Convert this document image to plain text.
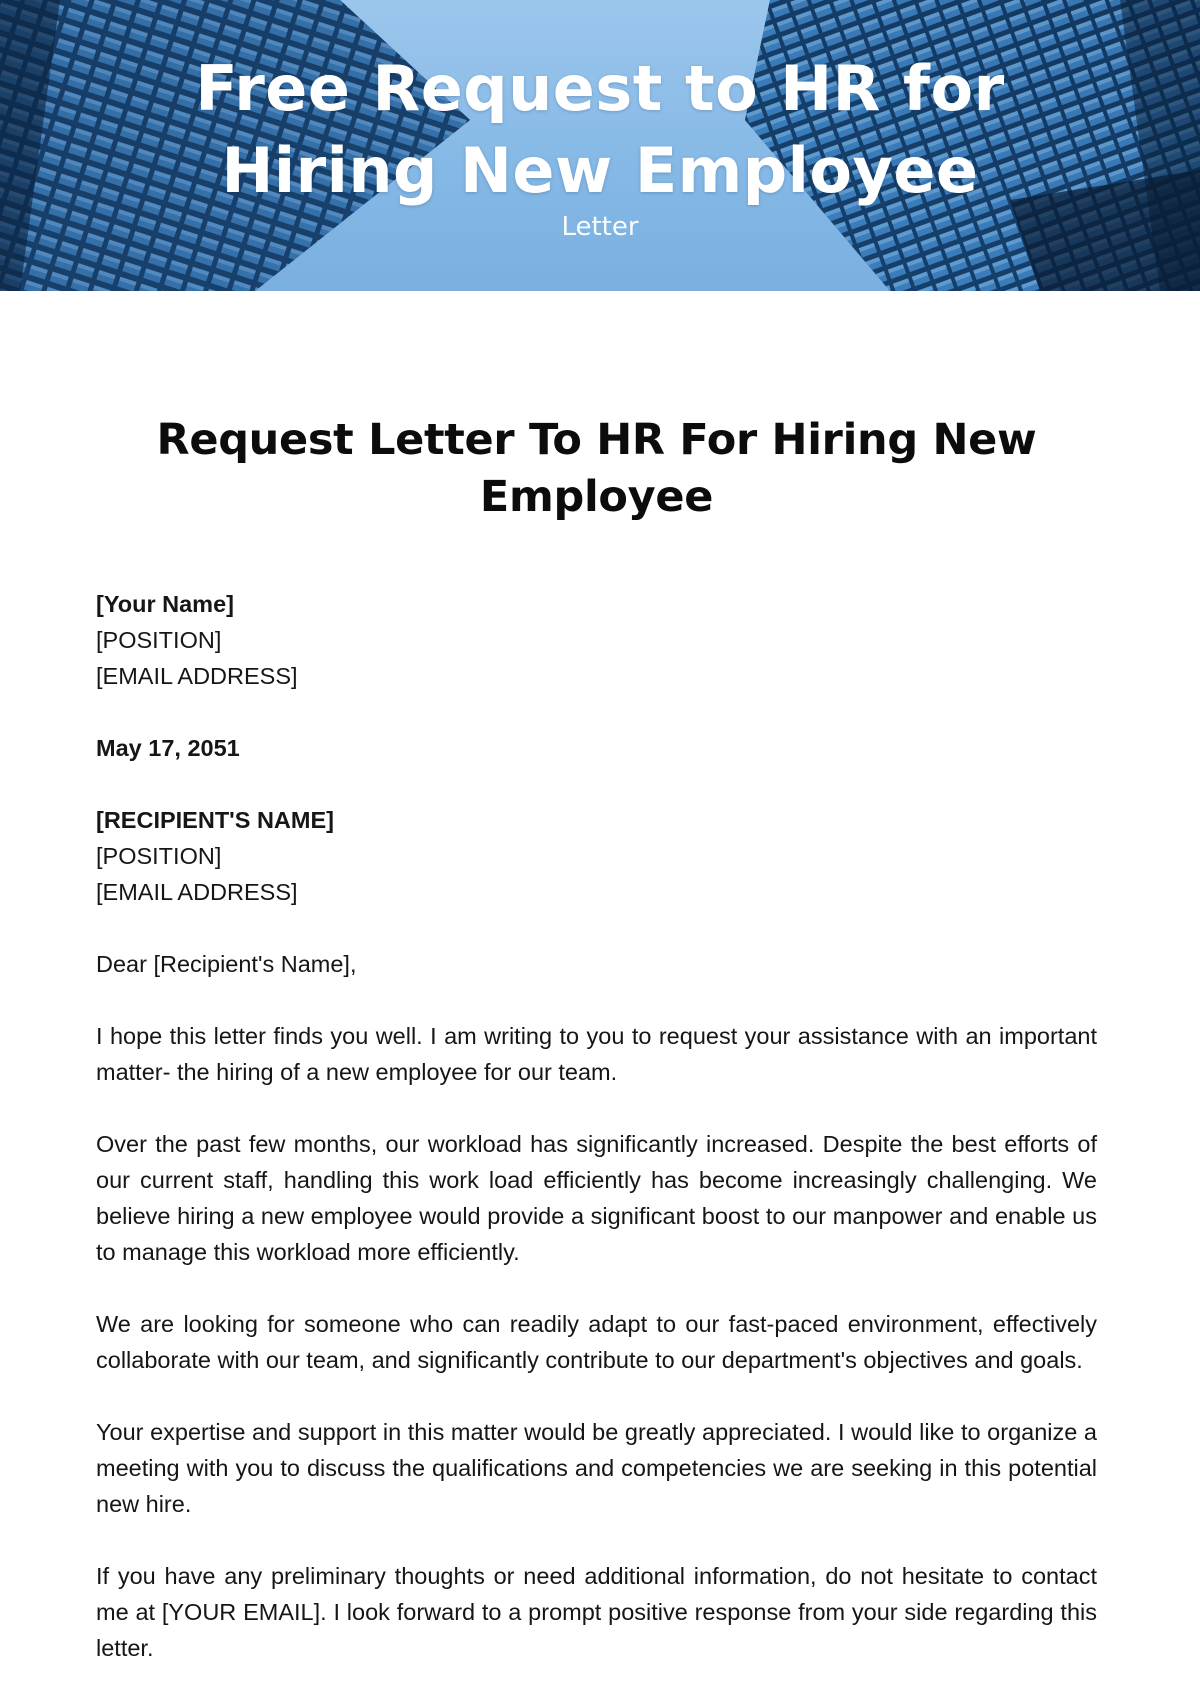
Free Request to HR for
Hiring New Employee
Letter
Request Letter To HR For Hiring New
Employee
[Your Name]
[POSITION]
[EMAIL ADDRESS]
May 17, 2051
[RECIPIENT'S NAME]
[POSITION]
[EMAIL ADDRESS]
Dear [Recipient's Name],

I hope this letter finds you well. I am writing to you to request your assistance with an important matter- the hiring of a new employee for our team.

Over the past few months, our workload has significantly increased. Despite the best efforts of our current staff, handling this work load efficiently has become increasingly challenging. We believe hiring a new employee would provide a significant boost to our manpower and enable us to manage this workload more efficiently.

We are looking for someone who can readily adapt to our fast-paced environment, effectively collaborate with our team, and significantly contribute to our department's objectives and goals.

Your expertise and support in this matter would be greatly appreciated. I would like to organize a meeting with you to discuss the qualifications and competencies we are seeking in this potential new hire.

If you have any preliminary thoughts or need additional information, do not hesitate to contact me at [YOUR EMAIL]. I look forward to a prompt positive response from your side regarding this letter.
